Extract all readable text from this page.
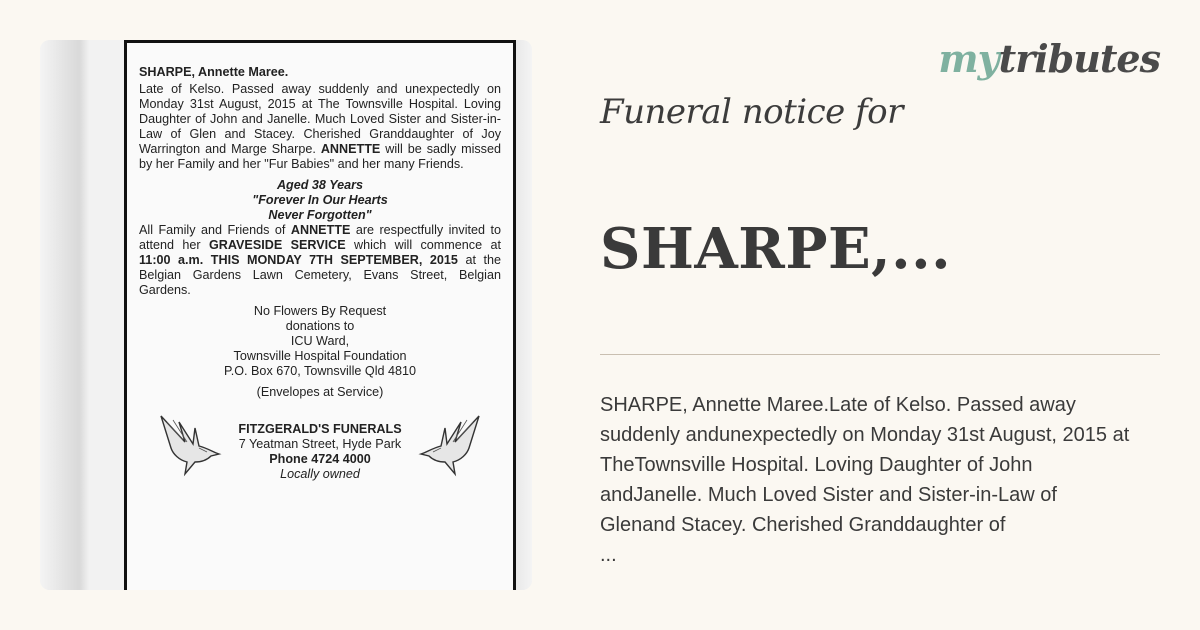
SHARPE, Annette Maree.
Late of Kelso. Passed away suddenly and unexpectedly on Monday 31st August, 2015 at The Townsville Hospital. Loving Daughter of John and Janelle. Much Loved Sister and Sister-in-Law of Glen and Stacey. Cherished Granddaughter of Joy Warrington and Marge Sharpe. ANNETTE will be sadly missed by her Family and her "Fur Babies" and her many Friends.
Aged 38 Years
"Forever In Our Hearts
Never Forgotten"
All Family and Friends of ANNETTE are respectfully invited to attend her GRAVESIDE SERVICE which will commence at 11:00 a.m. THIS MONDAY 7TH SEPTEMBER, 2015 at the Belgian Gardens Lawn Cemetery, Evans Street, Belgian Gardens.
No Flowers By Request
donations to
ICU Ward,
Townsville Hospital Foundation
P.O. Box 670, Townsville Qld 4810
(Envelopes at Service)
FITZGERALD'S FUNERALS
7 Yeatman Street, Hyde Park
Phone 4724 4000
Locally owned
mytributes
Funeral notice for
SHARPE,...
SHARPE, Annette Maree.Late of Kelso. Passed away
suddenly andunexpectedly on Monday 31st August, 2015 at
TheTownsville Hospital. Loving Daughter of John
andJanelle. Much Loved Sister and Sister-in-Law of
Glenand Stacey. Cherished Granddaughter of
...
